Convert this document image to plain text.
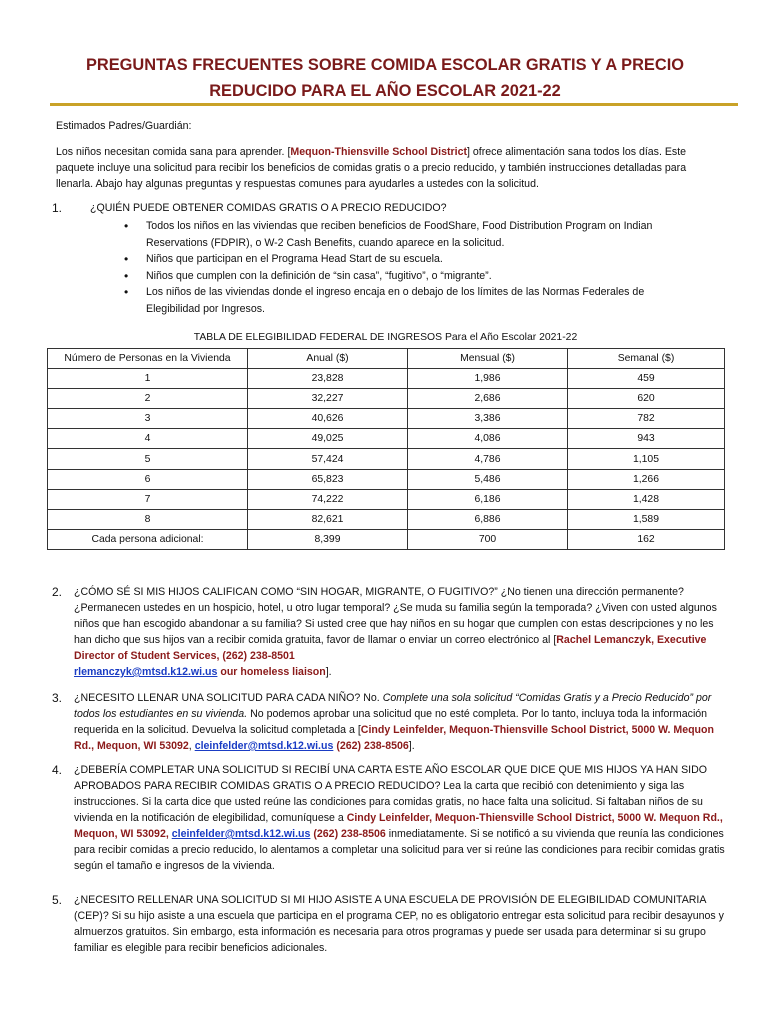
PREGUNTAS FRECUENTES SOBRE COMIDA ESCOLAR GRATIS Y A PRECIO
REDUCIDO PARA EL AÑO ESCOLAR 2021-22
Estimados Padres/Guardián:
Los niños necesitan comida sana para aprender. [Mequon-Thiensville School District] ofrece alimentación sana todos los días. Este paquete incluye una solicitud para recibir los beneficios de comidas gratis o a precio reducido, y también instrucciones detalladas para llenarla. Abajo hay algunas preguntas y respuestas comunes para ayudarles a ustedes con la solicitud.
1.	¿QUIÉN PUEDE OBTENER COMIDAS GRATIS O A PRECIO REDUCIDO?
• Todos los niños en las viviendas que reciben beneficios de FoodShare, Food Distribution Program on Indian Reservations (FDPIR), o W-2 Cash Benefits, cuando aparece en la solicitud.
• Niños que participan en el Programa Head Start de su escuela.
• Niños que cumplen con la definición de “sin casa”, “fugitivo”, o “migrante”.
• Los niños de las viviendas donde el ingreso encaja en o debajo de los límites de las Normas Federales de Elegibilidad por Ingresos.
TABLA DE ELEGIBILIDAD FEDERAL DE INGRESOS Para el Año Escolar 2021-22
Número de Personas en la Vivienda	Anual ($)	Mensual ($)	Semanal ($)
1	23,828	1,986	459
2	32,227	2,686	620
3	40,626	3,386	782
4	49,025	4,086	943
5	57,424	4,786	1,105
6	65,823	5,486	1,266
7	74,222	6,186	1,428
8	82,621	6,886	1,589
Cada persona adicional:	8,399	700	162
2.	¿CÓMO SÉ SI MIS HIJOS CALIFICAN COMO “SIN HOGAR, MIGRANTE, O FUGITIVO?” ¿No tienen una dirección permanente? ¿Permanecen ustedes en un hospicio, hotel, u otro lugar temporal? ¿Se muda su familia según la temporada? ¿Viven con usted algunos niños que han escogido abandonar a su familia? Si usted cree que hay niños en su hogar que cumplen con estas descripciones y no les han dicho que sus hijos van a recibir comida gratuita, favor de llamar o enviar un correo electrónico al [Rachel Lemanczyk, Executive Director of Student Services, (262) 238-8501
rlemanczyk@mtsd.k12.wi.us our homeless liaison].
3.	¿NECESITO LLENAR UNA SOLICITUD PARA CADA NIÑO? No. Complete una sola solicitud “Comidas Gratis y a Precio Reducido” por todos los estudiantes en su vivienda. No podemos aprobar una solicitud que no esté completa. Por lo tanto, incluya toda la información requerida en la solicitud. Devuelva la solicitud completada a [Cindy Leinfelder, Mequon-Thiensville School District, 5000 W. Mequon Rd., Mequon, WI 53092, cleinfelder@mtsd.k12.wi.us (262) 238-8506].
4.	¿DEBERÍA COMPLETAR UNA SOLICITUD SI RECIBÍ UNA CARTA ESTE AÑO ESCOLAR QUE DICE QUE MIS HIJOS YA HAN SIDO APROBADOS PARA RECIBIR COMIDAS GRATIS O A PRECIO REDUCIDO? Lea la carta que recibió con detenimiento y siga las instrucciones. Si la carta dice que usted reúne las condiciones para comidas gratis, no hace falta una solicitud. Si faltaban niños de su vivienda en la notificación de elegibilidad, comuníquese a Cindy Leinfelder, Mequon-Thiensville School District, 5000 W. Mequon Rd., Mequon, WI 53092, cleinfelder@mtsd.k12.wi.us (262) 238-8506 inmediatamente. Si se notificó a su vivienda que reunía las condiciones para recibir comidas a precio reducido, lo alentamos a completar una solicitud para ver si reúne las condiciones para recibir comidas gratis según el tamaño e ingresos de la vivienda.
5.	¿NECESITO RELLENAR UNA SOLICITUD SI MI HIJO ASISTE A UNA ESCUELA DE PROVISIÓN DE ELEGIBILIDAD COMUNITARIA (CEP)? Si su hijo asiste a una escuela que participa en el programa CEP, no es obligatorio entregar esta solicitud para recibir desayunos y almuerzos gratuitos. Sin embargo, esta información es necesaria para otros programas y puede ser usada para determinar si su grupo familiar es elegible para recibir beneficios adicionales.
